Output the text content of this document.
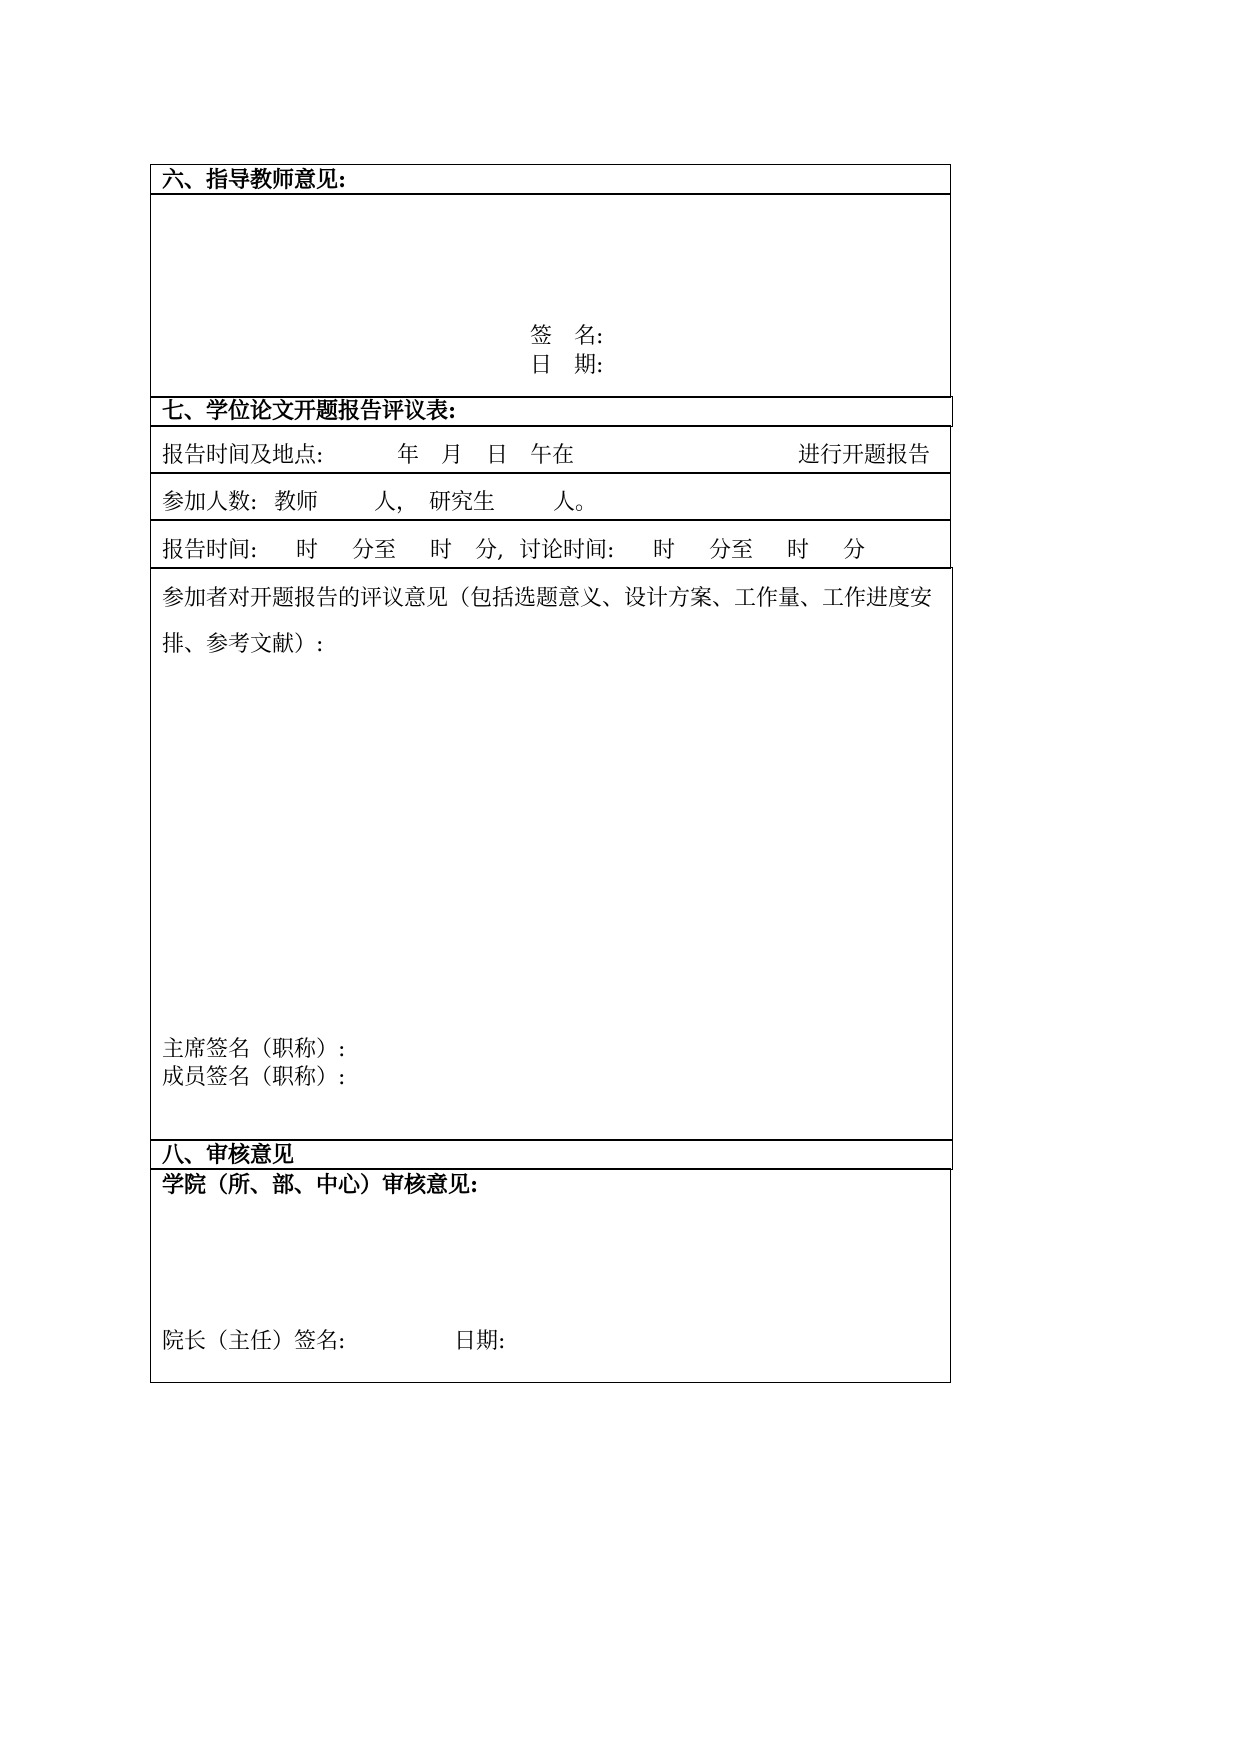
六、指导教师意见:
签　名:
日　期:
七、学位论文开题报告评议表:
报告时间及地点:	年 月 日 午在	进行开题报告
参加人数: 教师	人， 研究生	人。
报告时间: 时 分至 时 分, 讨论时间: 时 分至 时 分
参加者对开题报告的评议意见（包括选题意义、设计方案、工作量、工作进度安
排、参考文献）:
主席签名（职称）:
成员签名（职称）:
八、审核意见
学院（所、部、中心）审核意见:
院长（主任）签名:	日期:
